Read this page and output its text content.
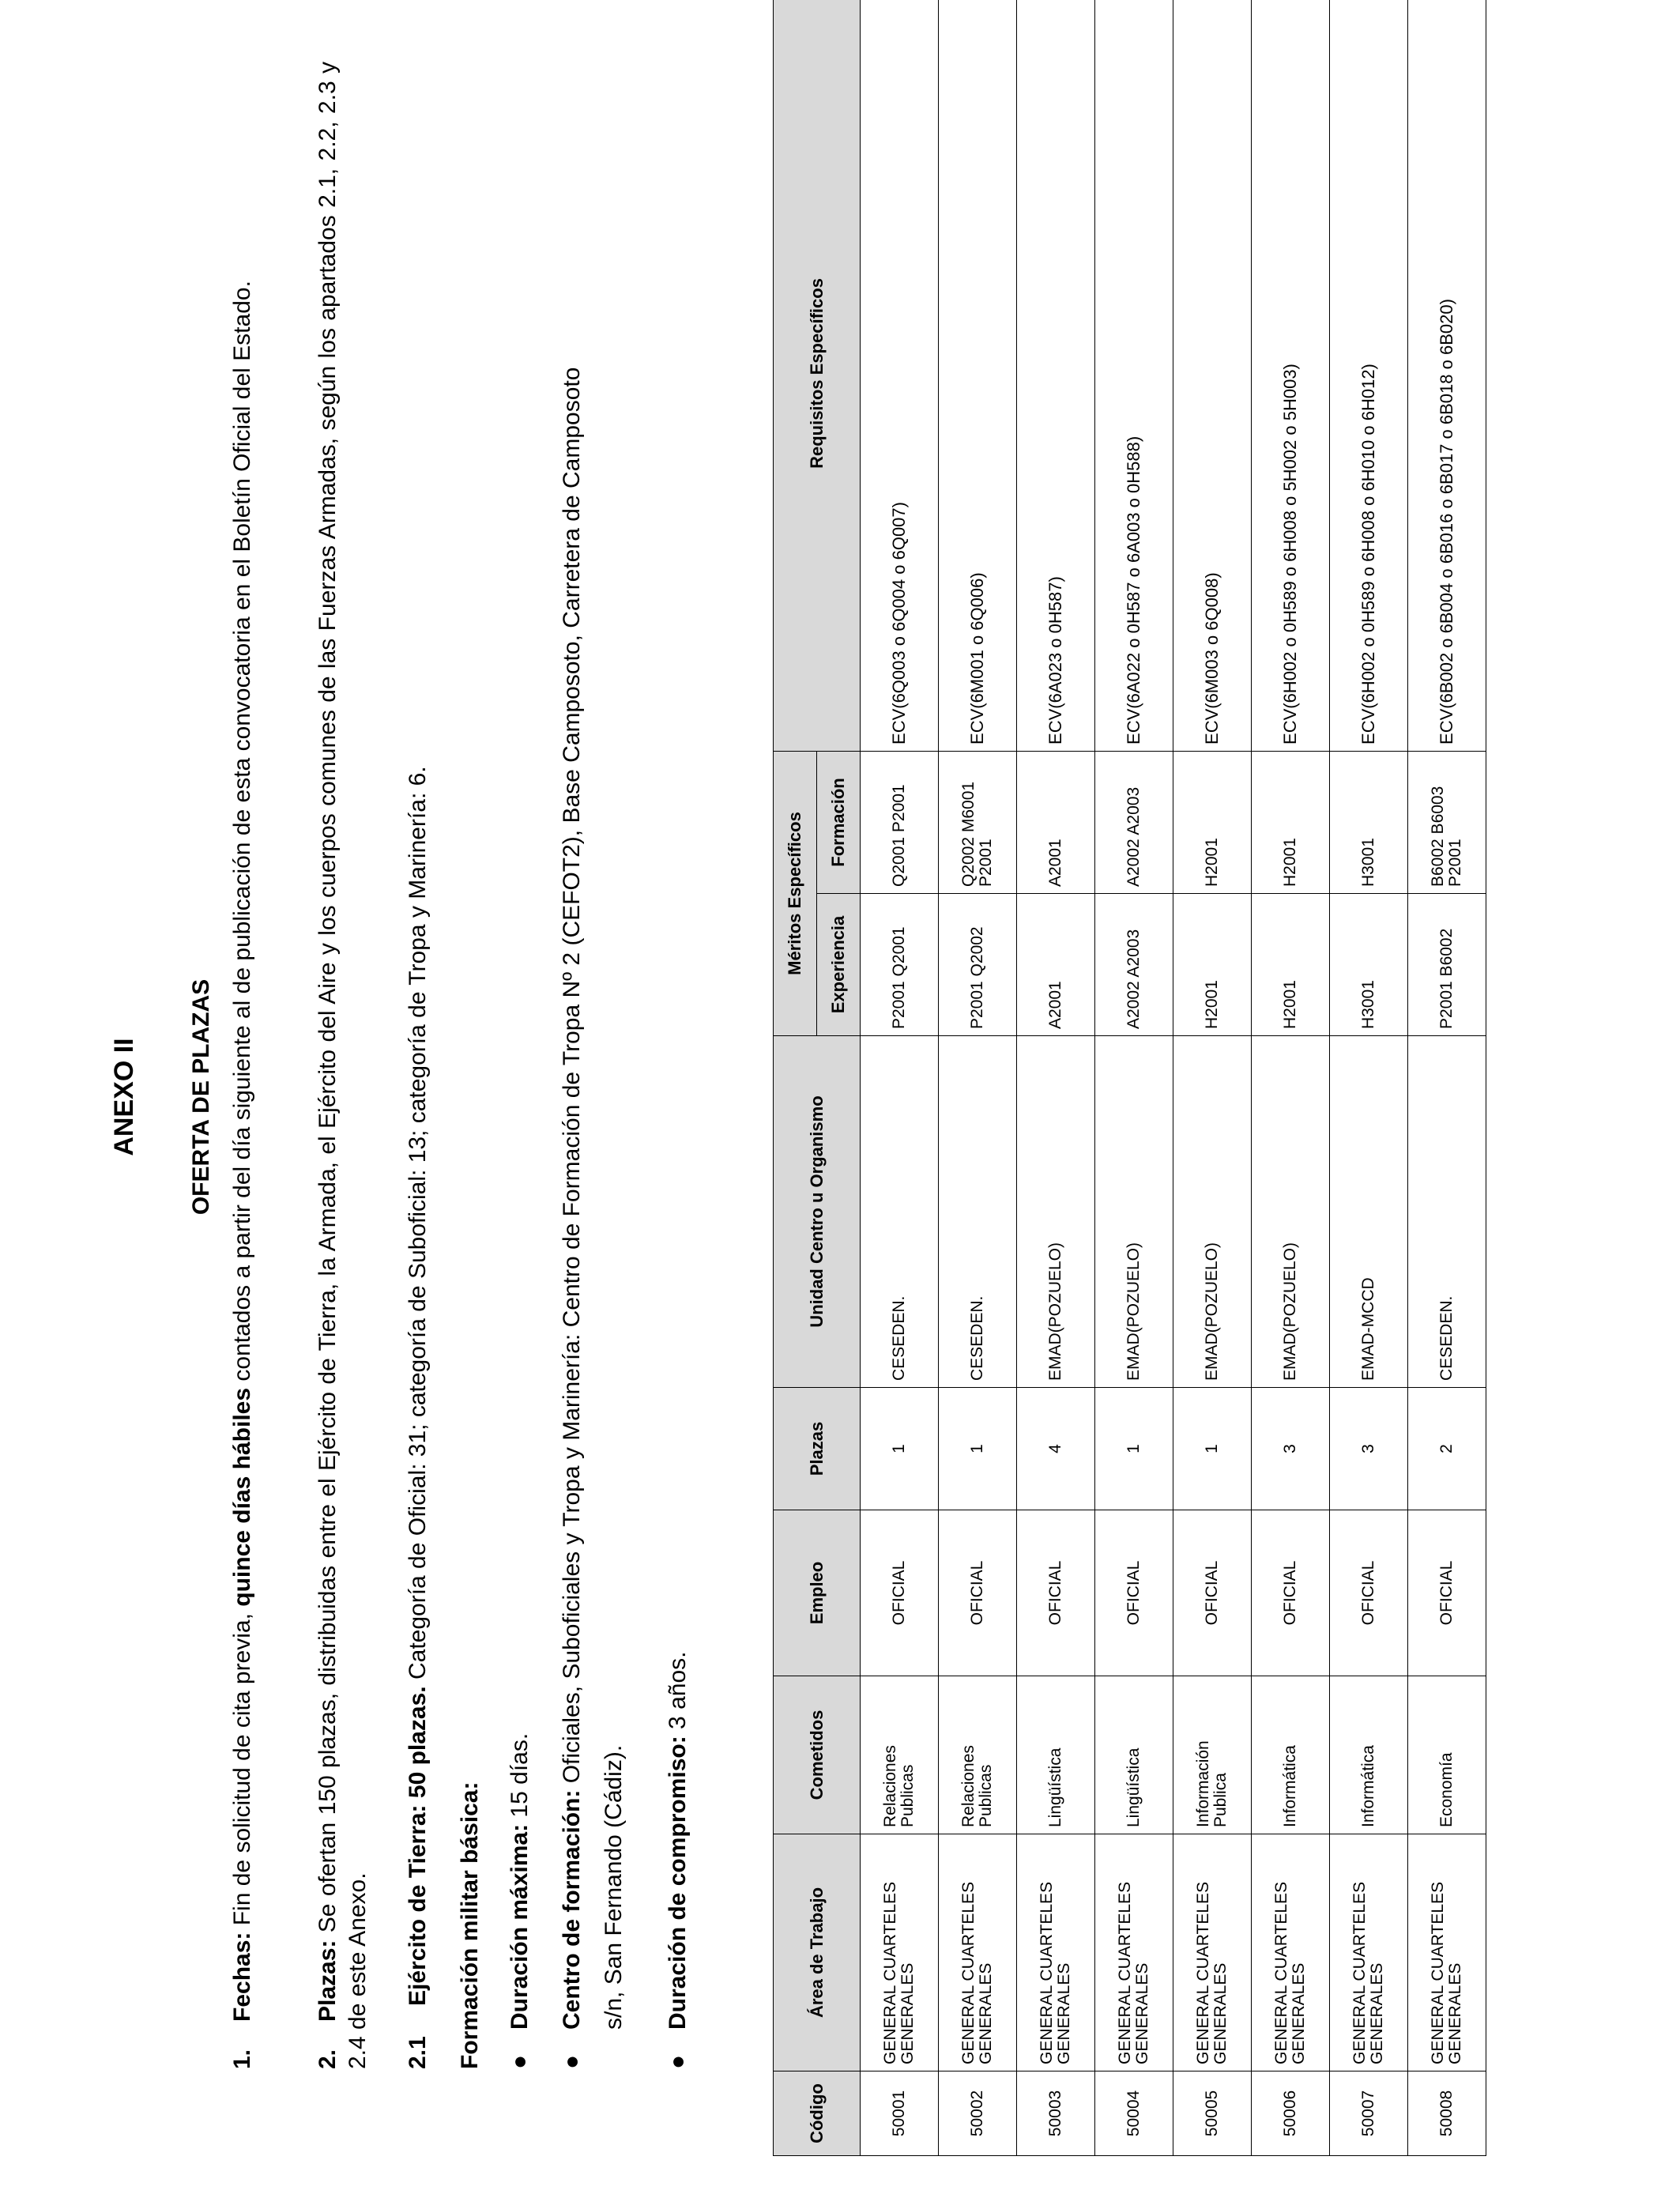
ANEXO II OFERTA DE PLAZAS
1.Fechas: Fin de solicitud de cita previa, quince días hábiles contados a partir del día siguiente al de publicación de esta convocatoria en el Boletín Oficial del Estado.
2.Plazas: Se ofertan 150 plazas, distribuidas entre el Ejército de Tierra, la Armada, el Ejército del Aire y los cuerpos comunes de las Fuerzas Armadas, según los apartados 2.1, 2.2, 2.3 y 2.4 de este Anexo. 2.1Ejército de Tierra: 50 plazas. Categoría de Oficial: 31; categoría de Suboficial: 13; categoría de Tropa y Marinería: 6.
Formación militar básica:	●Duración máxima: 15 días.
●Centro de formación: Oficiales, Suboficiales y Tropa y Marinería: Centro de Formación de Tropa Nº 2 (CEFOT2), Base Camposoto, Carretera de Camposoto
s/n, San Fernando (Cádiz).
●Duración de compromiso: 3 años.
Código	Área de Trabajo	Cometidos	Empleo	Plazas	Unidad Centro u Organismo	Méritos Específicos		Requisitos Específicos
						Experiencia	Formación	
50001	GENERAL CUARTELES GENERALES	Relaciones Publicas	OFICIAL	1	CESEDEN.	P2001 Q2001	Q2001 P2001	ECV(6Q003 o 6Q004 o 6Q007)
50002	GENERAL CUARTELES GENERALES	Relaciones Publicas	OFICIAL	1	CESEDEN.	P2001 Q2002	Q2002 M6001 P2001	ECV(6M001 o 6Q006)
50003	GENERAL CUARTELES GENERALES	Lingüística	OFICIAL	4	EMAD(POZUELO)	A2001	A2001	ECV(6A023 o 0H587)
50004	GENERAL CUARTELES GENERALES	Lingüística	OFICIAL	1	EMAD(POZUELO)	A2002 A2003	A2002 A2003	ECV(6A022 o 0H587 o 6A003 o 0H588)
50005	GENERAL CUARTELES GENERALES	Información Publica	OFICIAL	1	EMAD(POZUELO)	H2001	H2001	ECV(6M003 o 6Q008)
50006	GENERAL CUARTELES GENERALES	Informática	OFICIAL	3	EMAD(POZUELO)	H2001	H2001	ECV(6H002 o 0H589 o 6H008 o 5H002 o 5H003)
50007	GENERAL CUARTELES GENERALES	Informática	OFICIAL	3	EMAD-MCCD	H3001	H3001	ECV(6H002 o 0H589 o 6H008 o 6H010 o 6H012)
50008	GENERAL CUARTELES GENERALES	Economía	OFICIAL	2	CESEDEN.	P2001 B6002	B6002 B6003 P2001	ECV(6B002 o 6B004 o 6B016 o 6B017 o 6B018 o 6B020)
